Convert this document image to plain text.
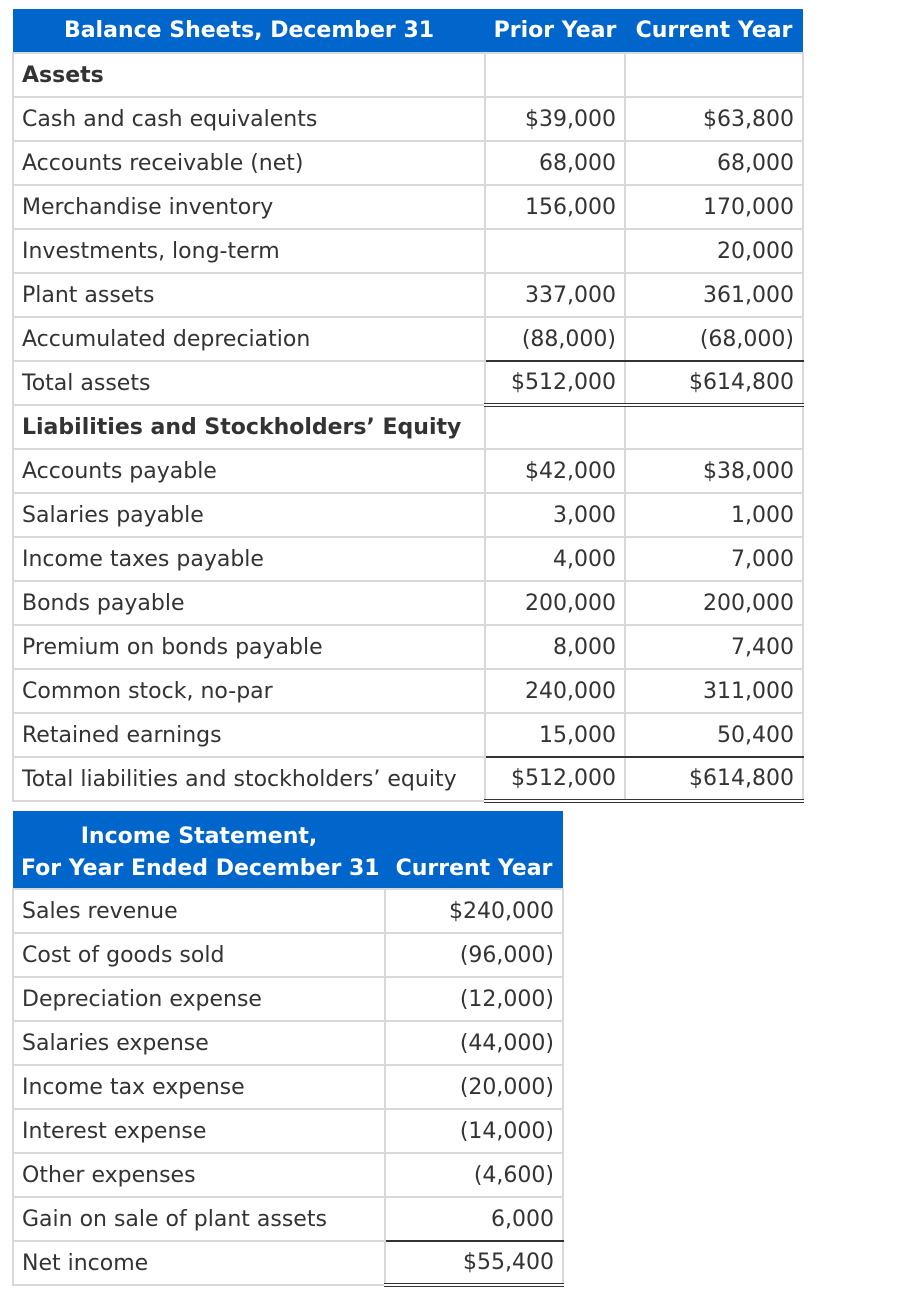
Balance Sheets, December 31	Prior Year	Current Year
Assets		
Cash and cash equivalents	$39,000	$63,800
Accounts receivable (net)	68,000	68,000
Merchandise inventory	156,000	170,000
Investments, long-term		20,000
Plant assets	337,000	361,000
Accumulated depreciation	(88,000)	(68,000)
Total assets	$512,000	$614,800
Liabilities and Stockholders’ Equity		
Accounts payable	$42,000	$38,000
Salaries payable	3,000	1,000
Income taxes payable	4,000	7,000
Bonds payable	200,000	200,000
Premium on bonds payable	8,000	7,400
Common stock, no-par	240,000	311,000
Retained earnings	15,000	50,400
Total liabilities and stockholders’ equity	$512,000	$614,800
Income Statement,	
For Year Ended December 31	Current Year
Sales revenue	$240,000
Cost of goods sold	(96,000)
Depreciation expense	(12,000)
Salaries expense	(44,000)
Income tax expense	(20,000)
Interest expense	(14,000)
Other expenses	(4,600)
Gain on sale of plant assets	6,000
Net income	$55,400
